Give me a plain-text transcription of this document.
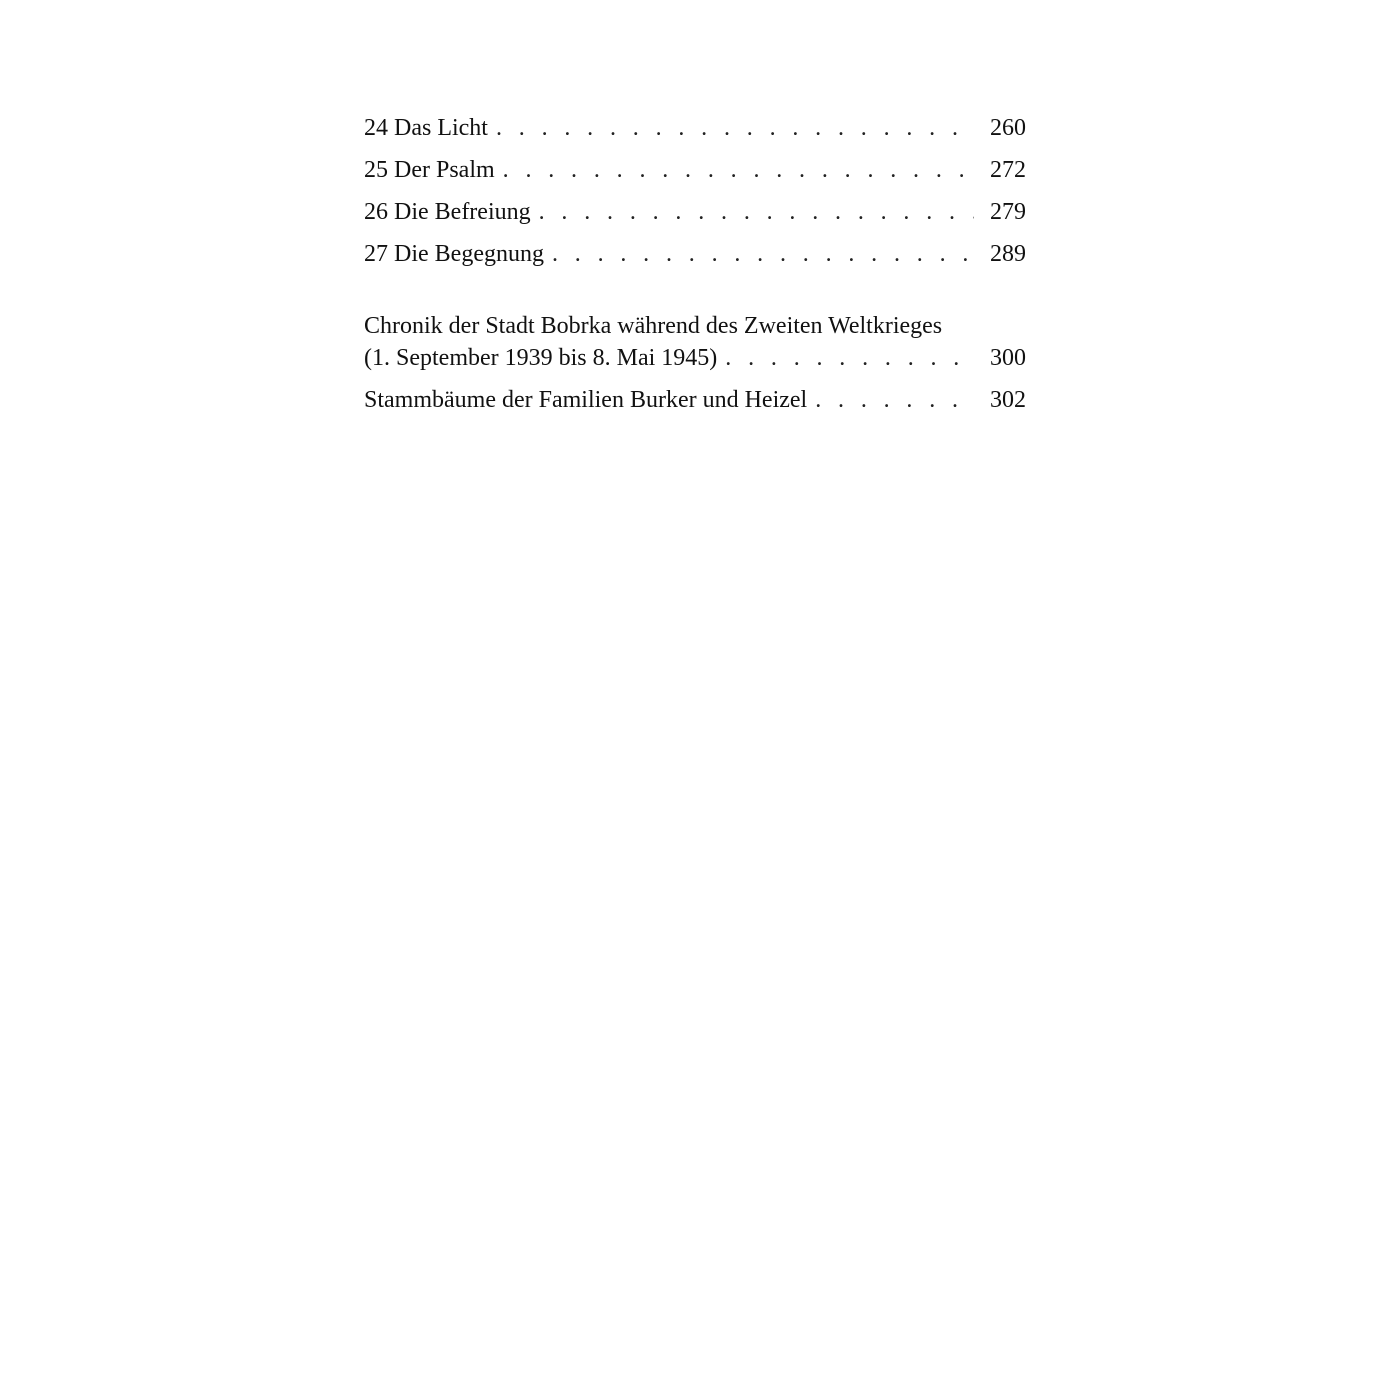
24 Das Licht . . .	260
25 Der Psalm . . .	272
26 Die Befreiung . . .	279
27 Die Begegnung . . .	289
Chronik der Stadt Bobrka während des Zweiten Weltkrieges
(1. September 1939 bis 8. Mai 1945) . . .	300
Stammbäume der Familien Burker und Heizel . . .	302
